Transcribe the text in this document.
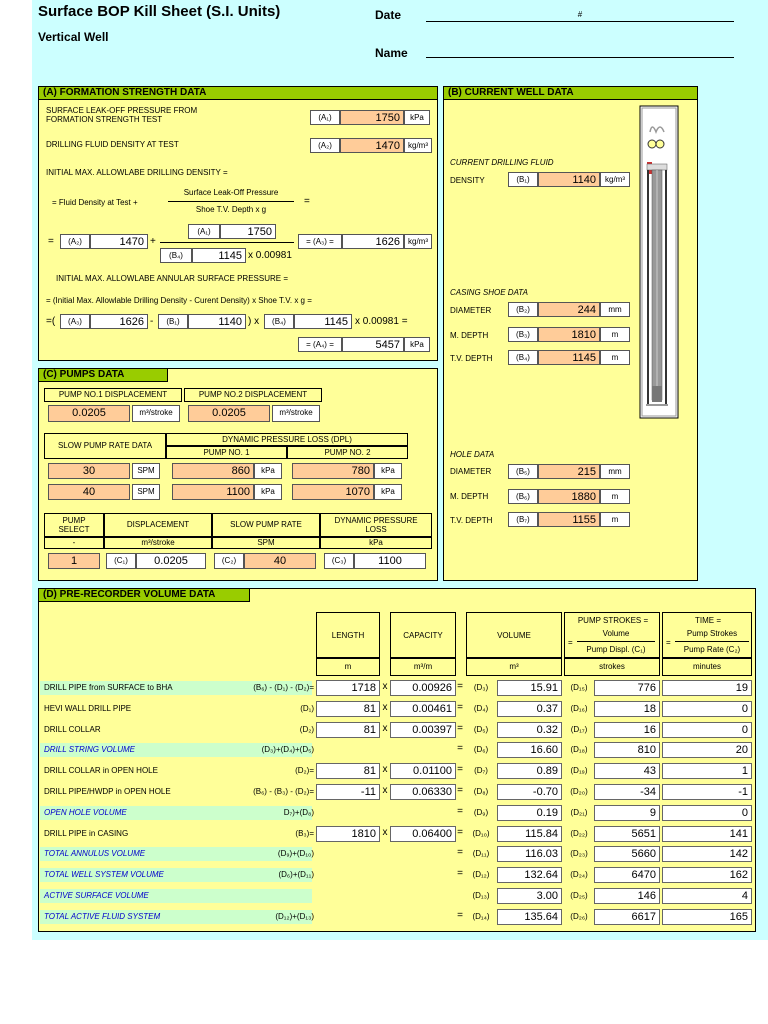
Surface BOP Kill Sheet (S.I. Units)
Vertical Well
Date	#
Name
(A) FORMATION STRENGTH DATA
SURFACE LEAK-OFF PRESSURE FROM
FORMATION STRENGTH TEST	(A₁)	1750	kPa
DRILLING FLUID DENSITY AT TEST	(A₂)	1470	kg/m³
INITIAL MAX. ALLOWLABE DRILLING DENSITY =
= Fluid Density at Test +
Surface Leak-Off Pressure
Shoe T.V. Depth x g
=
=	(A₂)	1470 +
(A₁)	1750
(B₄)	1145 x 0.00981
= (A₃) =	1626	kg/m³
INITIAL MAX. ALLOWLABE ANNULAR SURFACE PRESSURE =
= (Initial Max. Allowlable Drilling Density - Curent Density) x Shoe T.V. x g =
=(	(A₃)	1626 -	(B₁)	1140 ) x	(B₄)	1145 x 0.00981 =
= (A₄) =	5457	kPa
(B) CURRENT WELL DATA
CURRENT DRILLING FLUID
DENSITY	(B₁)	1140	kg/m³
CASING SHOE DATA
DIAMETER	(B₂)	244	mm
M. DEPTH	(B₃)	1810	m
T.V. DEPTH	(B₄)	1145	m
HOLE DATA
DIAMETER	(B₅)	215	mm
M. DEPTH	(B₆)	1880	m
T.V. DEPTH	(B₇)	1155	m
(C) PUMPS DATA
PUMP NO.1 DISPLACEMENT	PUMP NO.2 DISPLACEMENT
0.0205	m³/stroke	0.0205	m³/stroke
SLOW PUMP RATE DATA
DYNAMIC PRESSURE LOSS (DPL)
PUMP NO. 1	PUMP NO. 2
30	SPM	860	kPa	780	kPa
40	SPM	1100	kPa	1070	kPa
PUMP
SELECT
DISPLACEMENT	SLOW PUMP RATE	DYNAMIC PRESSURE
LOSS
-	m³/stroke	SPM	kPa
1	(C₁)	0.0205	(C₂)	40	(C₃)	1100
(D) PRE-RECORDER VOLUME DATA
LENGTH
m
CAPACITY
m³/m
VOLUME
m³
PUMP STROKES =
=
Volume
Pump Displ. (C₁)
strokes
TIME =
=
Pump Strokes
Pump Rate (C₂)
minutes
DRILL PIPE from SURFACE to BHA	(B₆) - (D₁) - (D₂)=	1718 x	0.00926 =	(D₃)	15.91	(D₁₅)	776	19
HEVI WALL DRILL PIPE	(D₁)	81 x	0.00461 =	(D₄)	0.37	(D₁₆)	18	0
DRILL COLLAR	(D₂)	81 x	0.00397 =	(D₅)	0.32	(D₁₇)	16	0
DRILL STRING VOLUME	(D₃)+(D₄)+(D₅)	=	(D₆)	16.60	(D₁₈)	810	20
DRILL COLLAR in OPEN HOLE	(D₂)=	81 x	0.01100 =	(D₇)	0.89	(D₁₉)	43	1
DRILL PIPE/HWDP in OPEN HOLE	(B₆) - (B₃) - (D₂)=	-11 x	0.06330 =	(D₈)	-0.70	(D₂₀)	-34	-1
OPEN HOLE VOLUME	D₇)+(D₈)	=	(D₉)	0.19	(D₂₁)	9	0
DRILL PIPE in CASING	(B₃)=	1810 x	0.06400 =	(D₁₀)	115.84	(D₂₂)	5651	141
TOTAL ANNULUS VOLUME	(D₉)+(D₁₀)	=	(D₁₁)	116.03	(D₂₃)	5660	142
TOTAL WELL SYSTEM VOLUME	(D₆)+(D₁₁)	=	(D₁₂)	132.64	(D₂₄)	6470	162
ACTIVE SURFACE VOLUME	(D₁₃)	3.00	(D₂₅)	146	4
TOTAL ACTIVE FLUID SYSTEM	(D₁₂)+(D₁₃)	=	(D₁₄)	135.64	(D₂₆)	6617	165
